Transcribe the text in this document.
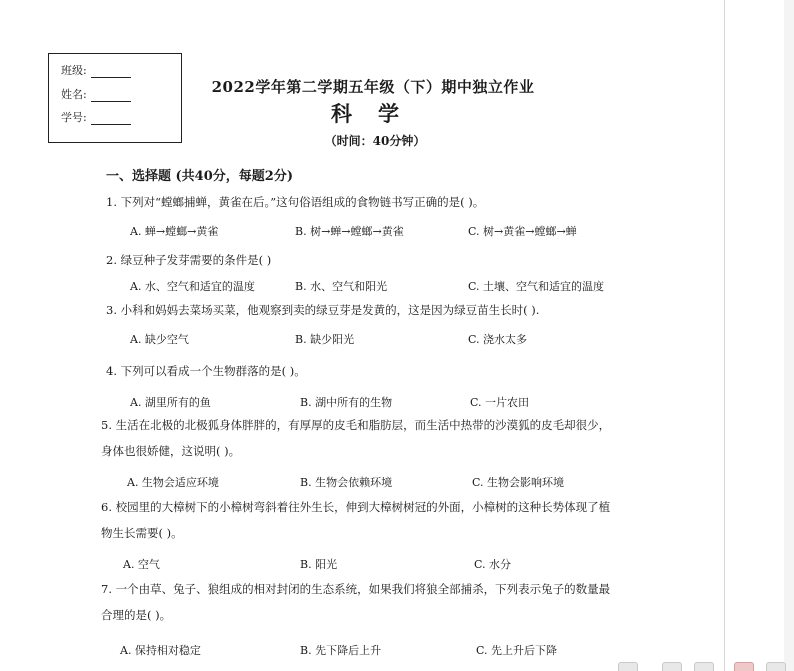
班级:
姓名:
学号:
2022学年第二学期五年级（下）期中独立作业
科学
（时间：40分钟）
一、选择题 (共40分，每题2分)
1. 下列对“螳螂捕蝉，黄雀在后。”这句俗语组成的食物链书写正确的是( )。
A. 蝉→螳螂→黄雀	B. 树→蝉→螳螂→黄雀	C. 树→黄雀→螳螂→蝉
2. 绿豆种子发芽需要的条件是( )
A. 水、空气和适宜的温度	B. 水、空气和阳光	C. 土壤、空气和适宜的温度
3. 小科和妈妈去菜场买菜，他观察到卖的绿豆芽是发黄的，这是因为绿豆苗生长时( ).
A. 缺少空气	B. 缺少阳光	C. 浇水太多
4. 下列可以看成一个生物群落的是( )。
A. 湖里所有的鱼	B. 湖中所有的生物	C. 一片农田
5. 生活在北极的北极狐身体胖胖的，有厚厚的皮毛和脂肪层，而生活中热带的沙漠狐的皮毛却很少，身体也很娇健，这说明( )。
A. 生物会适应环境	B. 生物会依赖环境	C. 生物会影响环境
6. 校园里的大樟树下的小樟树弯斜着往外生长，伸到大樟树树冠的外面，小樟树的这种长势体现了植物生长需要( )。
A. 空气	B. 阳光	C. 水分
7. 一个由草、兔子、狼组成的相对封闭的生态系统，如果我们将狼全部捕杀，下列表示兔子的数量最合理的是( )。
A. 保持相对稳定	B. 先下降后上升	C. 先上升后下降
